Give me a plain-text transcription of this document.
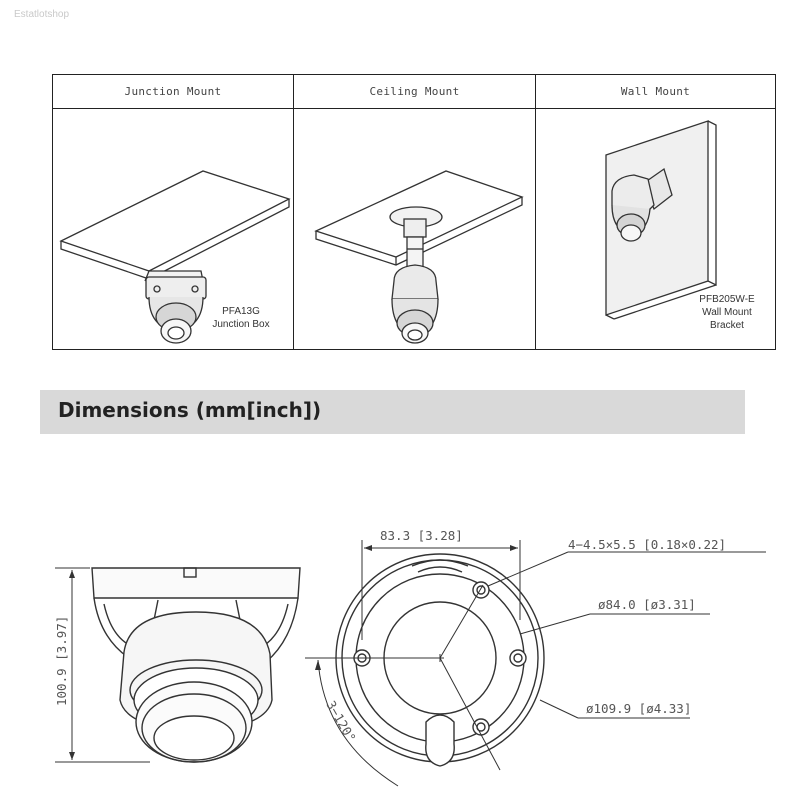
Estatlotshop
Junction Mount
PFA13G
Junction Box
Ceiling Mount	Wall Mount
PFB205W-E
Wall Mount
Bracket
Dimensions (mm[inch])
100.9 [3.97]
83.3 [3.28]
4−4.5×5.5 [0.18×0.22]
ø84.0 [ø3.31]
ø109.9 [ø4.33]
3−120°
